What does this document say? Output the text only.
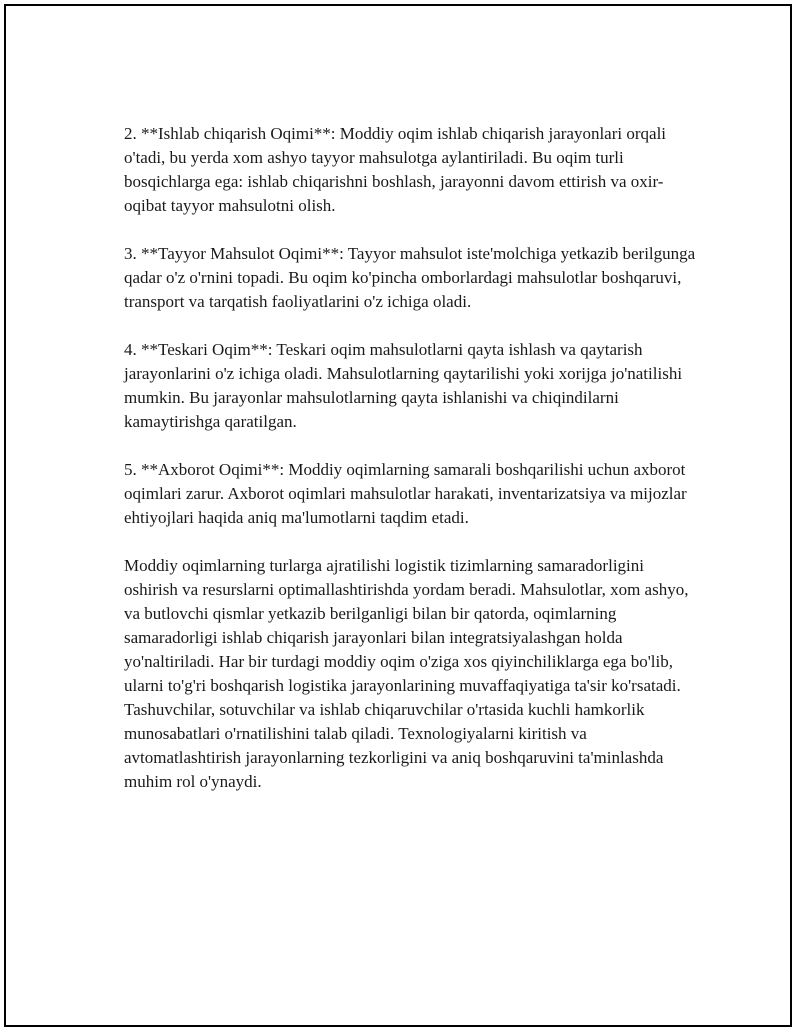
2. **Ishlab chiqarish Oqimi**: Moddiy oqim ishlab chiqarish jarayonlari orqali o'tadi, bu yerda xom ashyo tayyor mahsulotga aylantiriladi. Bu oqim turli bosqichlarga ega: ishlab chiqarishni boshlash, jarayonni davom ettirish va oxir-oqibat tayyor mahsulotni olish.

3. **Tayyor Mahsulot Oqimi**: Tayyor mahsulot iste'molchiga yetkazib berilgunga qadar o'z o'rnini topadi. Bu oqim ko'pincha omborlardagi mahsulotlar boshqaruvi, transport va tarqatish faoliyatlarini o'z ichiga oladi.

4. **Teskari Oqim**: Teskari oqim mahsulotlarni qayta ishlash va qaytarish jarayonlarini o'z ichiga oladi. Mahsulotlarning qaytarilishi yoki xorijga jo'natilishi mumkin. Bu jarayonlar mahsulotlarning qayta ishlanishi va chiqindilarni kamaytirishga qaratilgan.

5. **Axborot Oqimi**: Moddiy oqimlarning samarali boshqarilishi uchun axborot oqimlari zarur. Axborot oqimlari mahsulotlar harakati, inventarizatsiya va mijozlar ehtiyojlari haqida aniq ma'lumotlarni taqdim etadi.

Moddiy oqimlarning turlarga ajratilishi logistik tizimlarning samaradorligini oshirish va resurslarni optimallashtirishda yordam beradi. Mahsulotlar, xom ashyo, va butlovchi qismlar yetkazib berilganligi bilan bir qatorda, oqimlarning samaradorligi ishlab chiqarish jarayonlari bilan integratsiyalashgan holda yo'naltiriladi. Har bir turdagi moddiy oqim o'ziga xos qiyinchiliklarga ega bo'lib, ularni to'g'ri boshqarish logistika jarayonlarining muvaffaqiyatiga ta'sir ko'rsatadi. Tashuvchilar, sotuvchilar va ishlab chiqaruvchilar o'rtasida kuchli hamkorlik munosabatlari o'rnatilishini talab qiladi. Texnologiyalarni kiritish va avtomatlashtirish jarayonlarning tezkorligini va aniq boshqaruvini ta'minlashda muhim rol o'ynaydi.
